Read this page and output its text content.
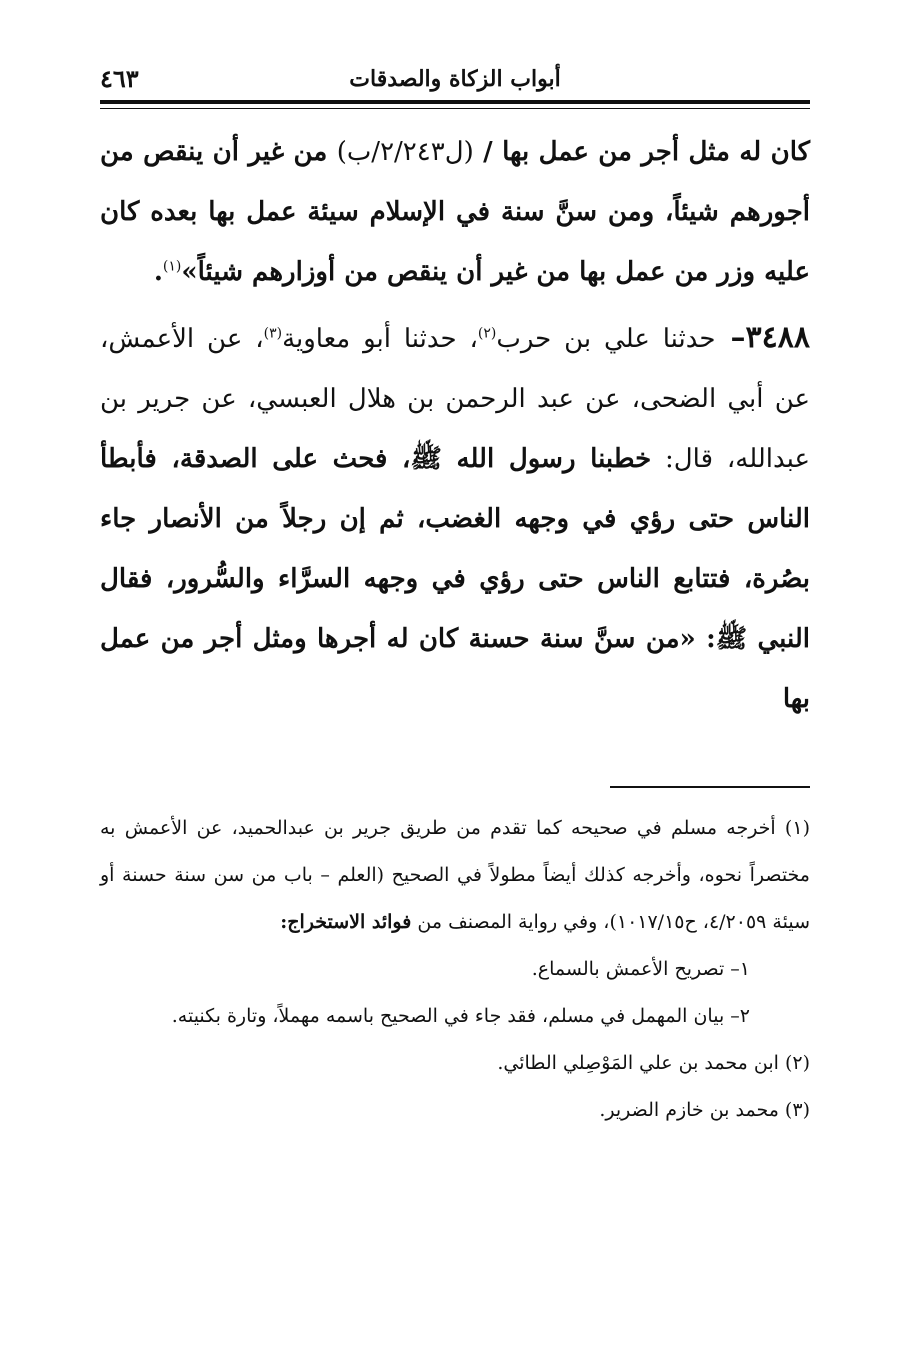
أبواب الزكاة والصدقات
٤٦٣

كان له مثل أجر من عمل بها / (ل٢/٢٤٣/ب) من غير أن ينقص من أجورهم شيئاً، ومن سنَّ سنة في الإسلام سيئة عمل بها بعده كان عليه وزر من عمل بها من غير أن ينقص من أوزارهم شيئاً»$^{(١)}$.

٣٤٨٨– حدثنا علي بن حرب$^{(٢)}$، حدثنا أبو معاوية$^{(٣)}$، عن الأعمش، عن أبي الضحى، عن عبد الرحمن بن هلال العبسي، عن جرير بن عبدالله، قال: خطبنا رسول الله ﷺ، فحث على الصدقة، فأبطأ الناس حتى رؤي في وجهه الغضب، ثم إن رجلاً من الأنصار جاء بصُرة، فتتابع الناس حتى رؤي في وجهه السرَّاء والسُّرور، فقال النبي ﷺ: «من سنَّ سنة حسنة كان له أجرها ومثل أجر من عمل بها

(١) أخرجه مسلم في صحيحه كما تقدم من طريق جرير بن عبدالحميد، عن الأعمش به مختصراً نحوه، وأخرجه كذلك أيضاً مطولاً في الصحيح (العلم – باب من سن سنة حسنة أو سيئة ٤/٢٠٥٩، ح١٠١٧/١٥)، وفي رواية المصنف من فوائد الاستخراج:

١– تصريح الأعمش بالسماع.

٢– بيان المهمل في مسلم، فقد جاء في الصحيح باسمه مهملاً، وتارة بكنيته.

(٢) ابن محمد بن علي المَوْصِلي الطائي.

(٣) محمد بن خازم الضرير.
